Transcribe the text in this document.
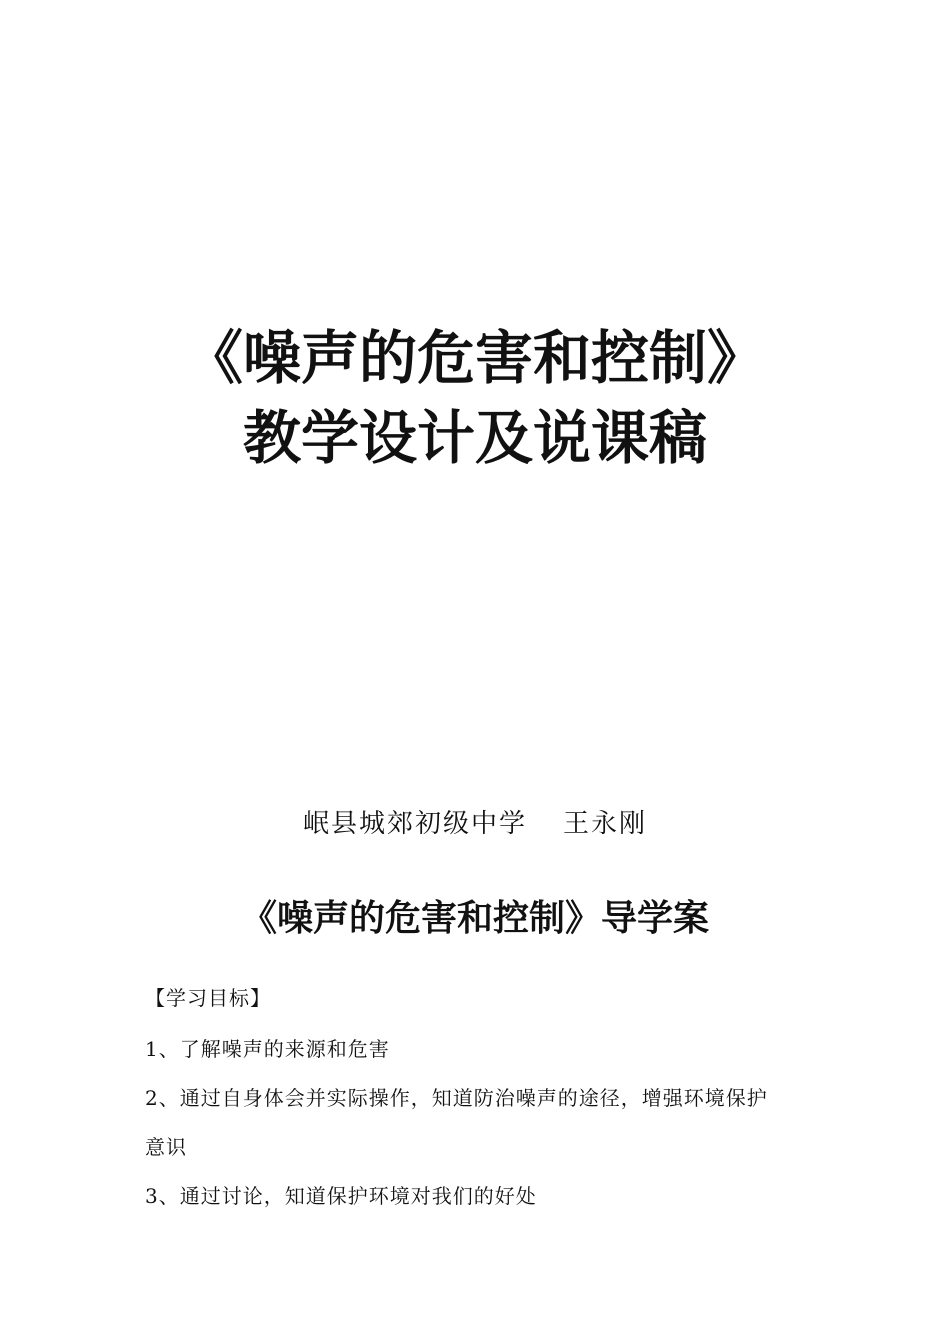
《噪声的危害和控制》
教学设计及说课稿
岷县城郊初级中学 王永刚
《噪声的危害和控制》导学案
【学习目标】
1、了解噪声的来源和危害
2、通过自身体会并实际操作，知道防治噪声的途径，增强环境保护
意识
3、通过讨论，知道保护环境对我们的好处
